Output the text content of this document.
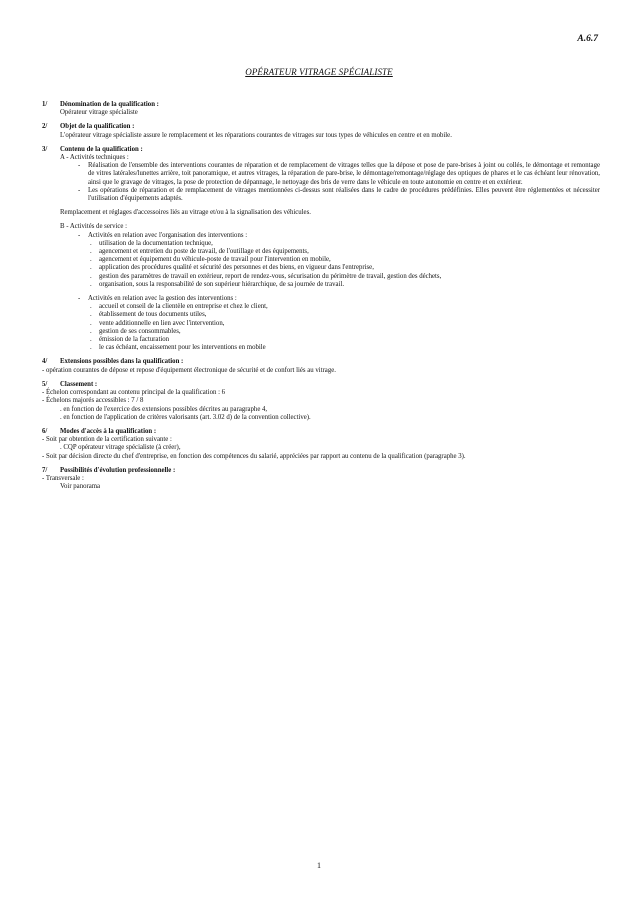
A.6.7
OPÉRATEUR VITRAGE SPÉCIALISTE
1/	Dénomination de la qualification :
Opérateur vitrage spécialiste
2/	Objet de la qualification :
L'opérateur vitrage spécialiste assure le remplacement et les réparations courantes de vitrages sur tous types de véhicules en centre et en mobile.
3/	Contenu de la qualification :
A - Activités techniques :
-	Réalisation de l'ensemble des interventions courantes de réparation et de remplacement de vitrages telles que la dépose et pose de pare-brises à joint ou collés, le démontage et remontage de vitres latérales/lunettes arrière, toit panoramique, et autres vitrages, la réparation de pare-brise, le démontage/remontage/réglage des optiques de phares et le cas échéant leur rénovation, ainsi que le gravage de vitrages, la pose de protection de dépannage, le nettoyage des bris de verre dans le véhicule en toute autonomie en centre et en extérieur.
-	Les opérations de réparation et de remplacement de vitrages mentionnées ci-dessus sont réalisées dans le cadre de procédures prédéfinies. Elles peuvent être réglementées et nécessiter l'utilisation d'équipements adaptés.
Remplacement et réglages d'accessoires liés au vitrage et/ou à la signalisation des véhicules.
B - Activités de service :
-	Activités en relation avec l'organisation des interventions :
.	utilisation de la documentation technique,
.	agencement et entretien du poste de travail, de l'outillage et des équipements,
.	agencement et équipement du véhicule-poste de travail pour l'intervention en mobile,
.	application des procédures qualité et sécurité des personnes et des biens, en vigueur dans l'entreprise,
.	gestion des paramètres de travail en extérieur, report de rendez-vous, sécurisation du périmètre de travail, gestion des déchets,
.	organisation, sous la responsabilité de son supérieur hiérarchique, de sa journée de travail.
-	Activités en relation avec la gestion des interventions :
.	accueil et conseil de la clientèle en entreprise et chez le client,
.	établissement de tous documents utiles,
.	vente additionnelle en lien avec l'intervention,
.	gestion de ses consommables,
.	émission de la facturation
.	le cas échéant, encaissement pour les interventions en mobile
4/	Extensions possibles dans la qualification :
- opération courantes de dépose et repose d'équipement électronique de sécurité et de confort liés au vitrage.
5/	Classement :
- Échelon correspondant au contenu principal de la qualification : 6
- Échelons majorés accessibles : 7 / 8
. en fonction de l'exercice des extensions possibles décrites au paragraphe 4,
. en fonction de l'application de critères valorisants (art. 3.02 d) de la convention collective).
6/	Modes d'accès à la qualification :
- Soit par obtention de la certification suivante :
. CQP opérateur vitrage spécialiste (à créer),
- Soit par décision directe du chef d'entreprise, en fonction des compétences du salarié, appréciées par rapport au contenu de la qualification (paragraphe 3).
7/	Possibilités d'évolution professionnelle :
- Transversale :
Voir panorama
1
